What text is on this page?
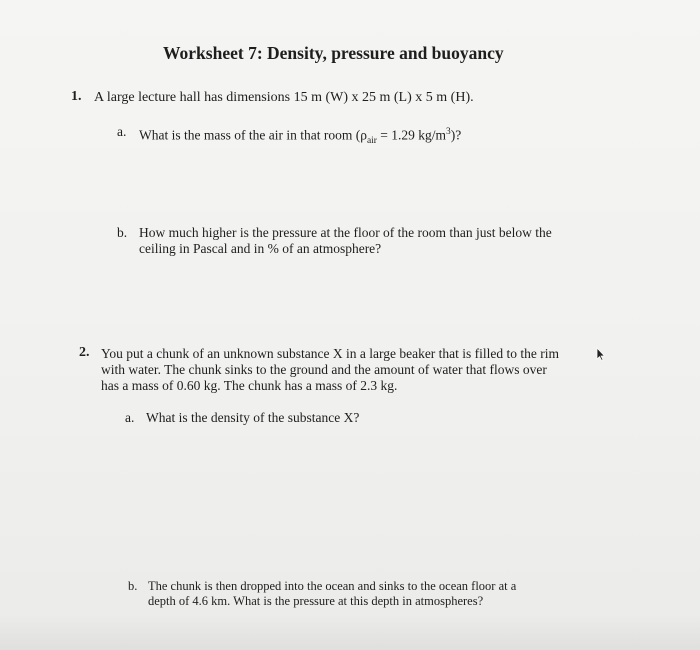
Worksheet 7: Density, pressure and buoyancy
1. A large lecture hall has dimensions 15 m (W) x 25 m (L) x 5 m (H).
a. What is the mass of the air in that room ($\rho_{air} = 1.29$ $kg/m^3$)?
b. How much higher is the pressure at the floor of the room than just below the
ceiling in Pascal and in % of an atmosphere?
2. You put a chunk of an unknown substance X in a large beaker that is filled to the rim
with water. The chunk sinks to the ground and the amount of water that flows over
has a mass of 0.60 kg. The chunk has a mass of 2.3 kg.
a. What is the density of the substance X?
b. The chunk is then dropped into the ocean and sinks to the ocean floor at a
depth of 4.6 km. What is the pressure at this depth in atmospheres?
